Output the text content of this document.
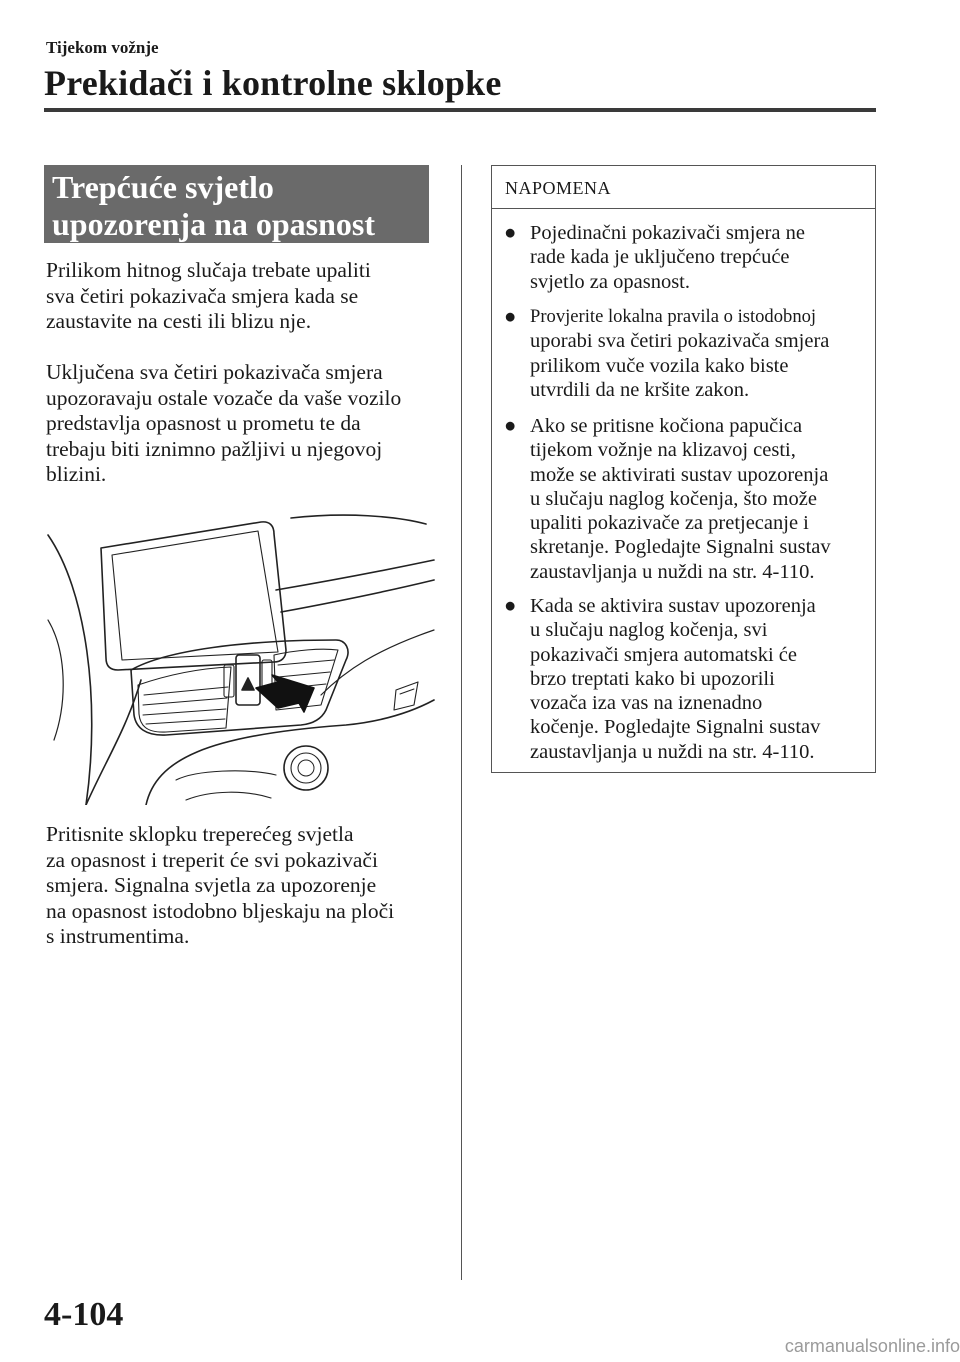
Tijekom vožnje
Prekidači i kontrolne sklopke
Trepćuće svjetlo
upozorenja na opasnost
Prilikom hitnog slučaja trebate upaliti
sva četiri pokazivača smjera kada se
zaustavite na cesti ili blizu nje.
Uključena sva četiri pokazivača smjera
upozoravaju ostale vozače da vaše vozilo
predstavlja opasnost u prometu te da
trebaju biti iznimno pažljivi u njegovoj
blizini.
Pritisnite sklopku treperećeg svjetla
za opasnost i treperit će svi pokazivači
smjera. Signalna svjetla za upozorenje
na opasnost istodobno bljeskaju na ploči
s instrumentima.
NAPOMENA
● Pojedinačni pokazivači smjera ne
rade kada je uključeno trepćuće
svjetlo za opasnost.
● Provjerite lokalna pravila o istodobnoj
uporabi sva četiri pokazivača smjera
prilikom vuče vozila kako biste
utvrdili da ne kršite zakon.
● Ako se pritisne kočiona papučica
tijekom vožnje na klizavoj cesti,
može se aktivirati sustav upozorenja
u slučaju naglog kočenja, što može
upaliti pokazivače za pretjecanje i
skretanje. Pogledajte Signalni sustav
zaustavljanja u nuždi na str. 4-110.
● Kada se aktivira sustav upozorenja
u slučaju naglog kočenja, svi
pokazivači smjera automatski će
brzo treptati kako bi upozorili
vozača iza vas na iznenadno
kočenje. Pogledajte Signalni sustav
zaustavljanja u nuždi na str. 4-110.
4-104
carmanualsonline.info
